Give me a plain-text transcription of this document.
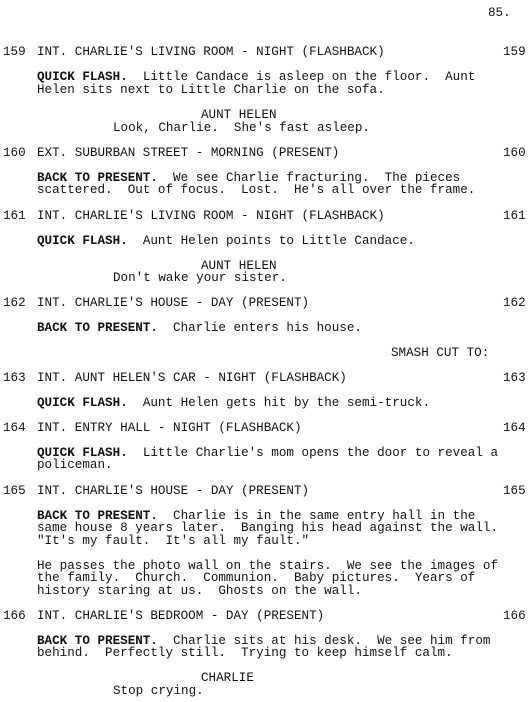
85.
159 INT. CHARLIE'S LIVING ROOM - NIGHT (FLASHBACK)	159
QUICK FLASH.  Little Candace is asleep on the floor.  Aunt
Helen sits next to Little Charlie on the sofa.
AUNT HELEN
Look, Charlie.  She's fast asleep.
160 EXT. SUBURBAN STREET - MORNING (PRESENT)	160
BACK TO PRESENT.  We see Charlie fracturing.  The pieces
scattered.  Out of focus.  Lost.  He's all over the frame.
161 INT. CHARLIE'S LIVING ROOM - NIGHT (FLASHBACK)	161
QUICK FLASH.  Aunt Helen points to Little Candace.
AUNT HELEN
Don't wake your sister.
162 INT. CHARLIE'S HOUSE - DAY (PRESENT)	162
BACK TO PRESENT.  Charlie enters his house.
SMASH CUT TO:
163 INT. AUNT HELEN'S CAR - NIGHT (FLASHBACK)	163
QUICK FLASH.  Aunt Helen gets hit by the semi-truck.
164 INT. ENTRY HALL - NIGHT (FLASHBACK)	164
QUICK FLASH.  Little Charlie's mom opens the door to reveal a
policeman.
165 INT. CHARLIE'S HOUSE - DAY (PRESENT)	165
BACK TO PRESENT.  Charlie is in the same entry hall in the
same house 8 years later.  Banging his head against the wall.
"It's my fault.  It's all my fault."
He passes the photo wall on the stairs.  We see the images of
the family.  Church.  Communion.  Baby pictures.  Years of
history staring at us.  Ghosts on the wall.
166 INT. CHARLIE'S BEDROOM - DAY (PRESENT)	166
BACK TO PRESENT.  Charlie sits at his desk.  We see him from
behind.  Perfectly still.  Trying to keep himself calm.
CHARLIE
Stop crying.
